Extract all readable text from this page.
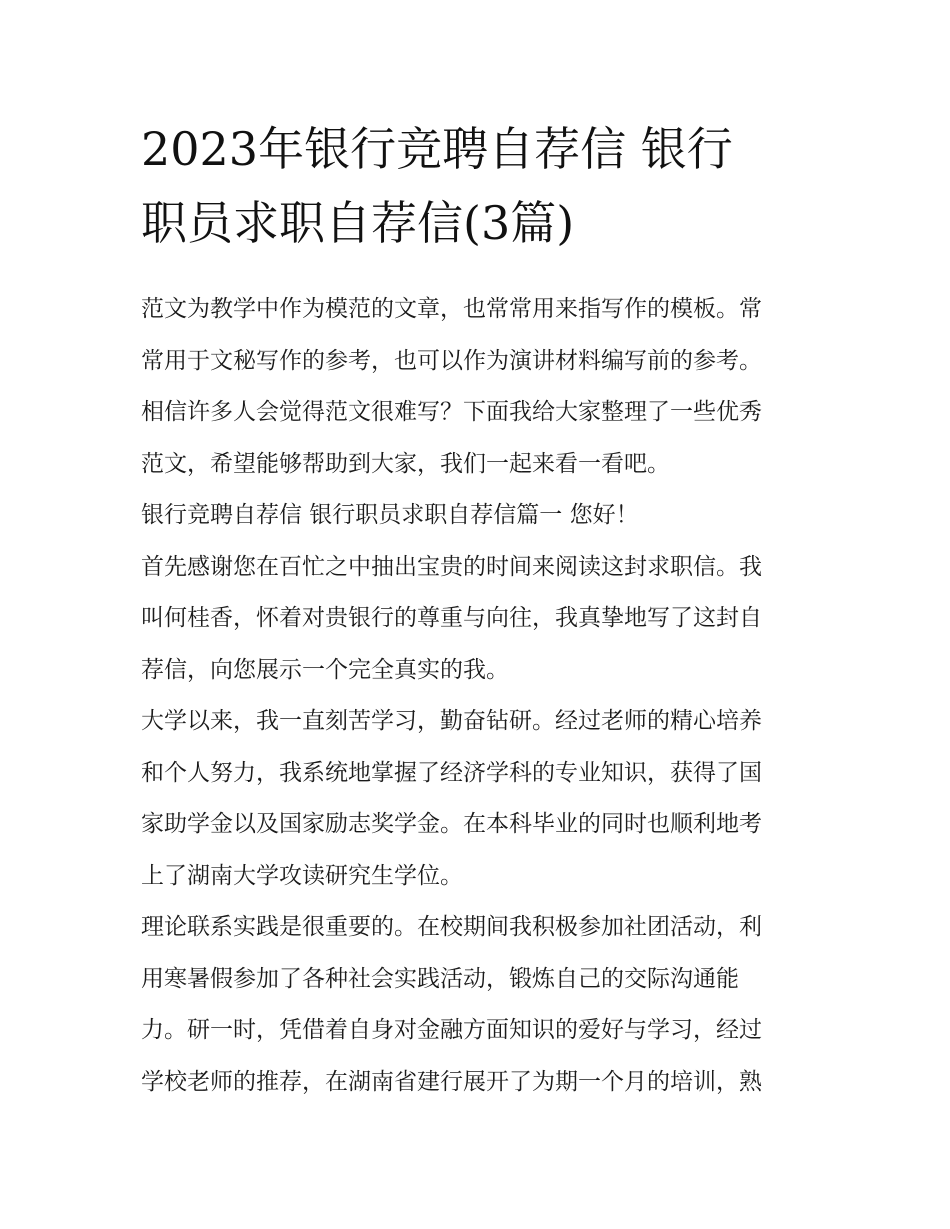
2023年银行竞聘自荐信 银行
职员求职自荐信(3篇)

范文为教学中作为模范的文章，也常常用来指写作的模板。常
常用于文秘写作的参考，也可以作为演讲材料编写前的参考。
相信许多人会觉得范文很难写？下面我给大家整理了一些优秀
范文，希望能够帮助到大家，我们一起来看一看吧。

银行竞聘自荐信 银行职员求职自荐信篇一 您好！

首先感谢您在百忙之中抽出宝贵的时间来阅读这封求职信。我
叫何桂香，怀着对贵银行的尊重与向往，我真挚地写了这封自
荐信，向您展示一个完全真实的我。

大学以来，我一直刻苦学习，勤奋钻研。经过老师的精心培养
和个人努力，我系统地掌握了经济学科的专业知识，获得了国
家助学金以及国家励志奖学金。在本科毕业的同时也顺利地考
上了湖南大学攻读研究生学位。

理论联系实践是很重要的。在校期间我积极参加社团活动，利
用寒暑假参加了各种社会实践活动，锻炼自己的交际沟通能
力。研一时，凭借着自身对金融方面知识的爱好与学习，经过
学校老师的推荐，在湖南省建行展开了为期一个月的培训，熟
